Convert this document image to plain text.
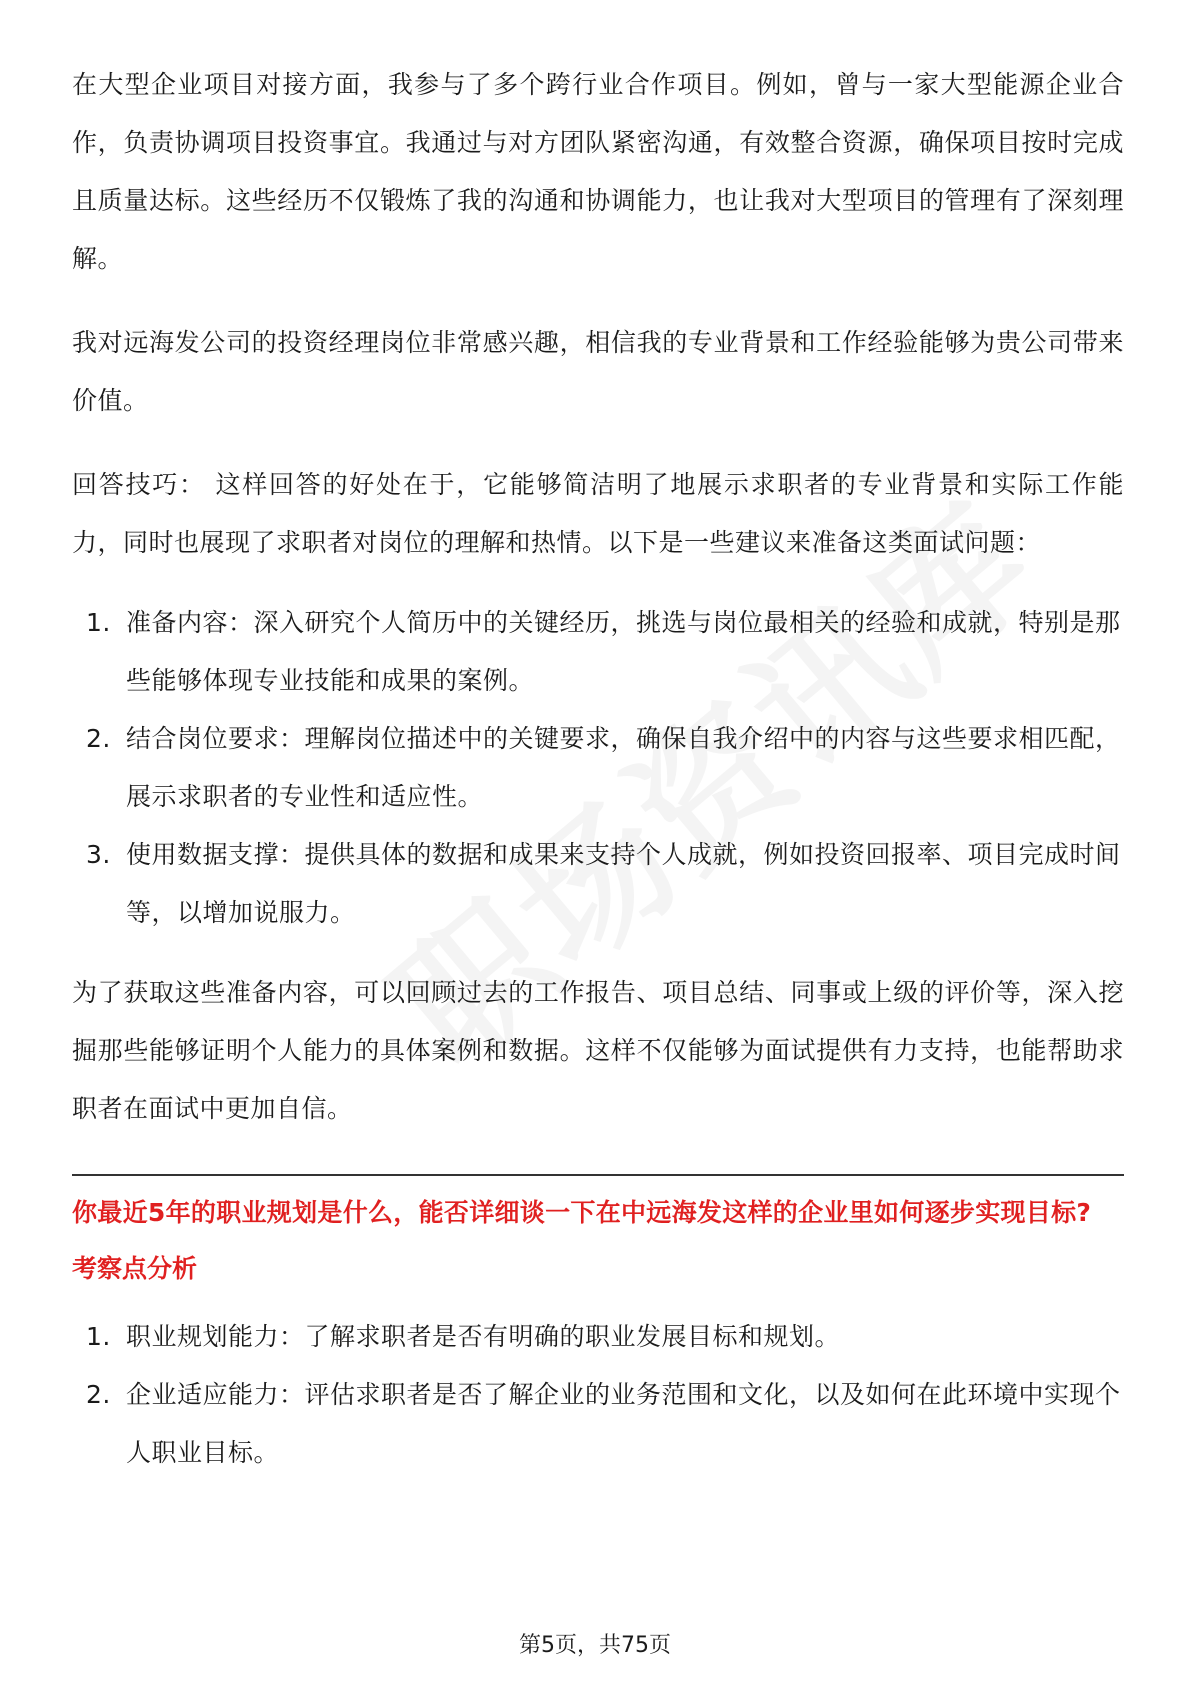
在大型企业项目对接方面，我参与了多个跨行业合作项目。例如，曾与一家大型能源企业合作，负责协调项目投资事宜。我通过与对方团队紧密沟通，有效整合资源，确保项目按时完成且质量达标。这些经历不仅锻炼了我的沟通和协调能力，也让我对大型项目的管理有了深刻理解。

我对远海发公司的投资经理岗位非常感兴趣，相信我的专业背景和工作经验能够为贵公司带来价值。

回答技巧： 这样回答的好处在于，它能够简洁明了地展示求职者的专业背景和实际工作能力，同时也展现了求职者对岗位的理解和热情。以下是一些建议来准备这类面试问题：

1. 准备内容：深入研究个人简历中的关键经历，挑选与岗位最相关的经验和成就，特别是那些能够体现专业技能和成果的案例。
2. 结合岗位要求：理解岗位描述中的关键要求，确保自我介绍中的内容与这些要求相匹配，展示求职者的专业性和适应性。
3. 使用数据支撑：提供具体的数据和成果来支持个人成就，例如投资回报率、项目完成时间等，以增加说服力。

为了获取这些准备内容，可以回顾过去的工作报告、项目总结、同事或上级的评价等，深入挖掘那些能够证明个人能力的具体案例和数据。这样不仅能够为面试提供有力支持，也能帮助求职者在面试中更加自信。

你最近5年的职业规划是什么，能否详细谈一下在中远海发这样的企业里如何逐步实现目标?

考察点分析

1. 职业规划能力：了解求职者是否有明确的职业发展目标和规划。
2. 企业适应能力：评估求职者是否了解企业的业务范围和文化，以及如何在此环境中实现个人职业目标。
第5页，共75页
